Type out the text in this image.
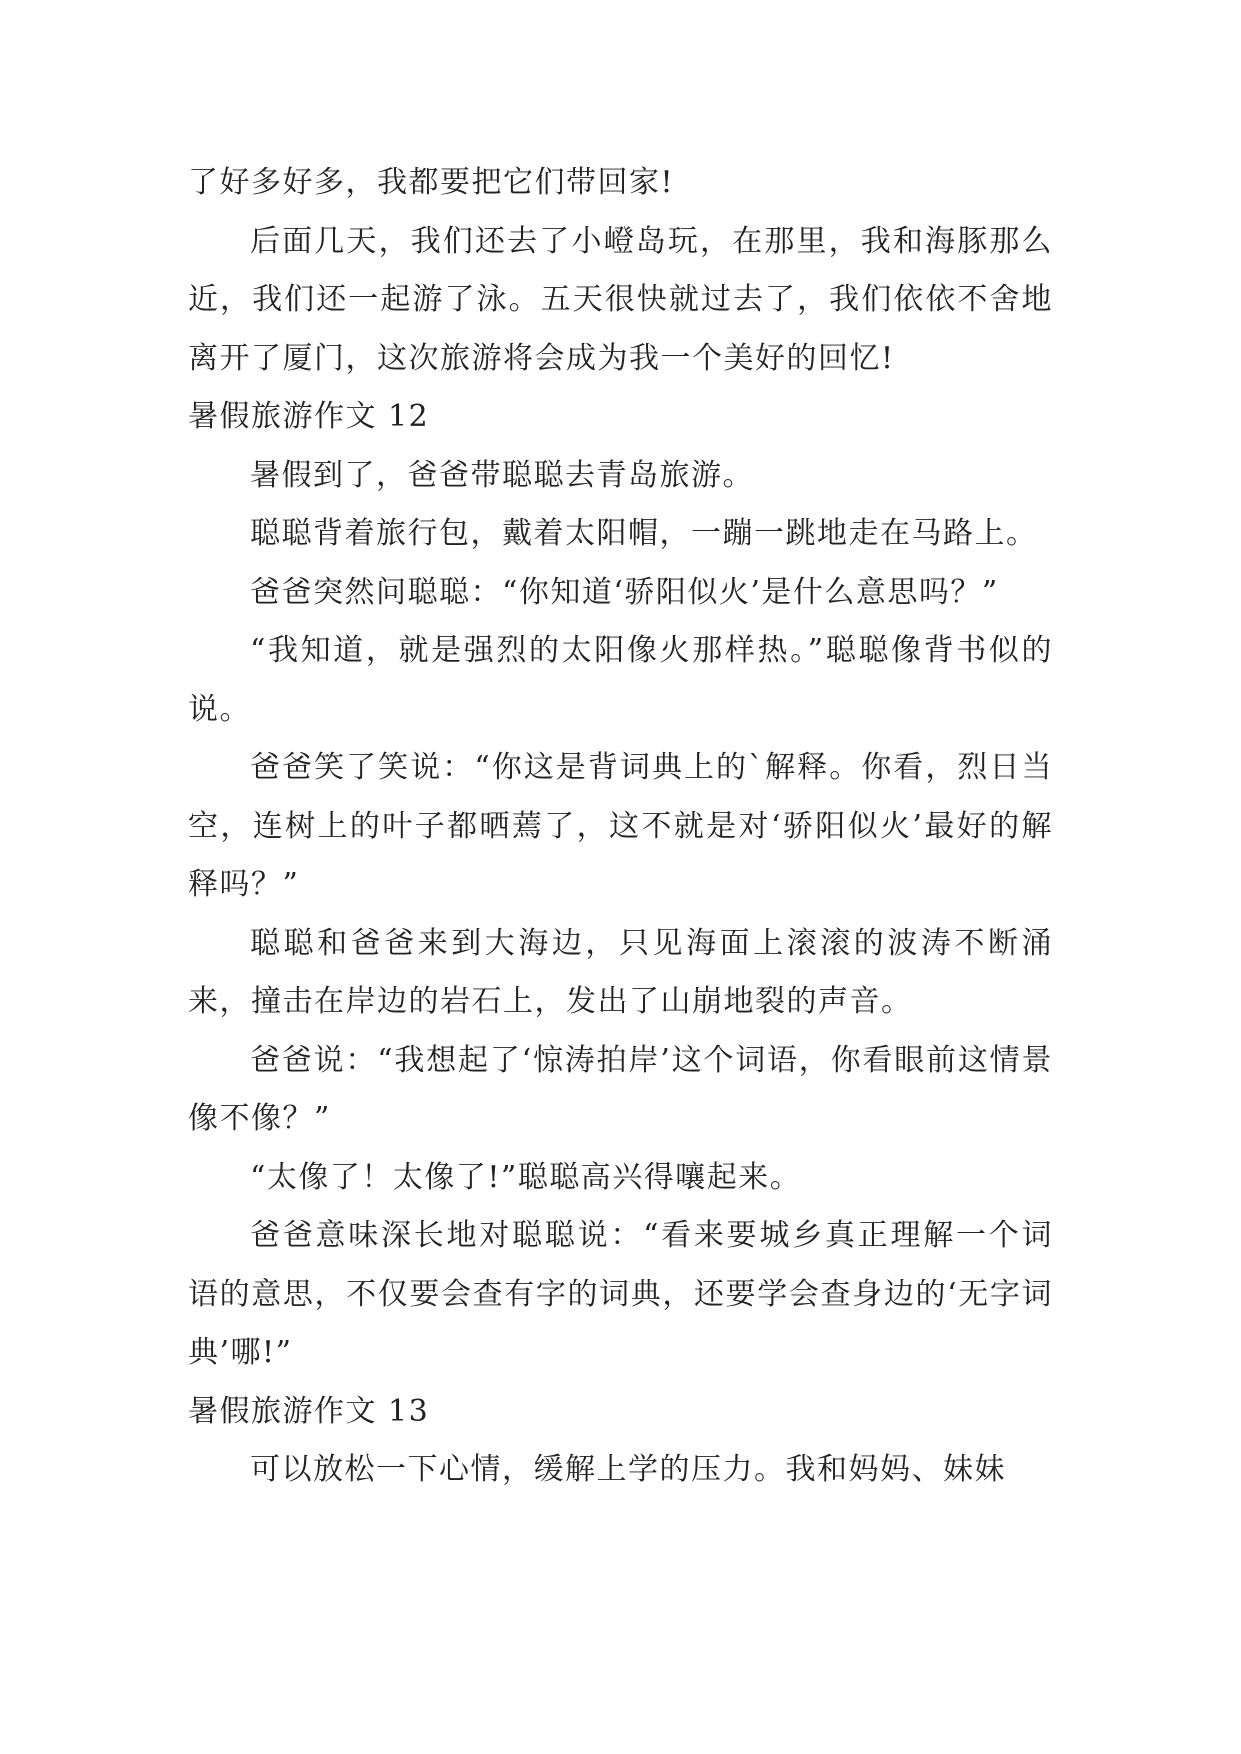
了好多好多，我都要把它们带回家!

后面几天，我们还去了小嶝岛玩，在那里，我和海豚那么近，我们还一起游了泳。五天很快就过去了，我们依依不舍地离开了厦门，这次旅游将会成为我一个美好的回忆!

暑假旅游作文 12

暑假到了，爸爸带聪聪去青岛旅游。

聪聪背着旅行包，戴着太阳帽，一蹦一跳地走在马路上。

爸爸突然问聪聪：“你知道‘骄阳似火’是什么意思吗？”

“我知道，就是强烈的太阳像火那样热。”聪聪像背书似的说。

爸爸笑了笑说：“你这是背词典上的`解释。你看，烈日当空，连树上的叶子都晒蔫了，这不就是对‘骄阳似火’最好的解释吗？”

聪聪和爸爸来到大海边，只见海面上滚滚的波涛不断涌来，撞击在岸边的岩石上，发出了山崩地裂的声音。

爸爸说：“我想起了‘惊涛拍岸’这个词语，你看眼前这情景像不像？”

“太像了！太像了!”聪聪高兴得嚷起来。

爸爸意味深长地对聪聪说：“看来要城乡真正理解一个词语的意思，不仅要会查有字的词典，还要学会查身边的‘无字词典’哪!”

暑假旅游作文 13

可以放松一下心情，缓解上学的压力。我和妈妈、妹妹
